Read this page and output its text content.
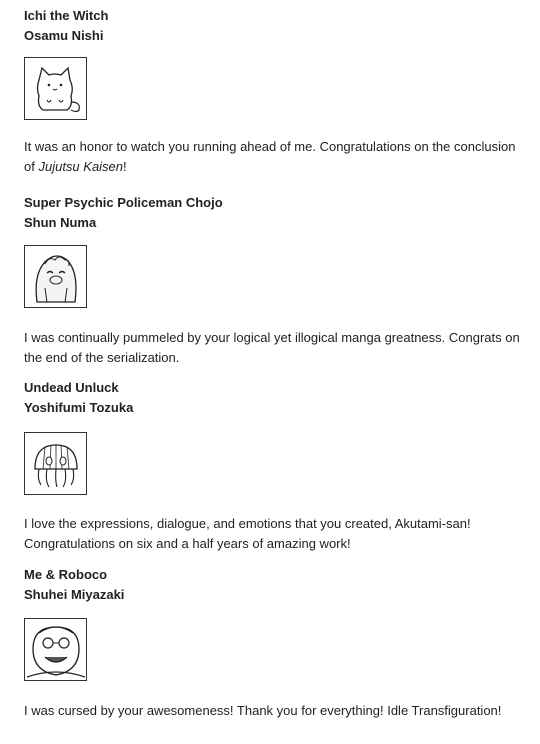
Ichi the Witch

Osamu Nishi

It was an honor to watch you running ahead of me. Congratulations on the conclusion of Jujutsu Kaisen!

Super Psychic Policeman Chojo

Shun Numa

I was continually pummeled by your logical yet illogical manga greatness. Congrats on the end of the serialization.

Undead Unluck

Yoshifumi Tozuka

I love the expressions, dialogue, and emotions that you created, Akutami-san! Congratulations on six and a half years of amazing work!

Me & Roboco

Shuhei Miyazaki

I was cursed by your awesomeness! Thank you for everything! Idle Transfiguration!
